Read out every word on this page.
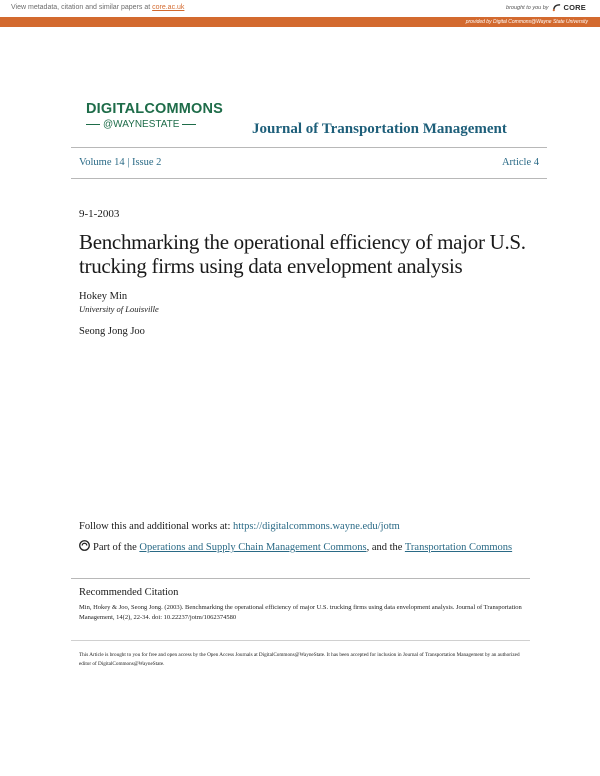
View metadata, citation and similar papers at core.ac.uk	brought to you by CORE
provided by Digital Commons@Wayne State University
DIGITALCOMMONS
@WAYNESTATE	Journal of Transportation Management
Volume 14 | Issue 2	Article 4
9-1-2003
Benchmarking the operational efficiency of major U.S. trucking firms using data envelopment analysis
Hokey Min
University of Louisville
Seong Jong Joo
Follow this and additional works at: https://digitalcommons.wayne.edu/jotm
Part of the Operations and Supply Chain Management Commons, and the Transportation Commons
Recommended Citation
Min, Hokey & Joo, Seong Jong. (2003). Benchmarking the operational efficiency of major U.S. trucking firms using data envelopment analysis. Journal of Transportation Management, 14(2), 22-34. doi: 10.22237/jotm/1062374580
This Article is brought to you for free and open access by the Open Access Journals at DigitalCommons@WayneState. It has been accepted for inclusion in Journal of Transportation Management by an authorized editor of DigitalCommons@WayneState.
